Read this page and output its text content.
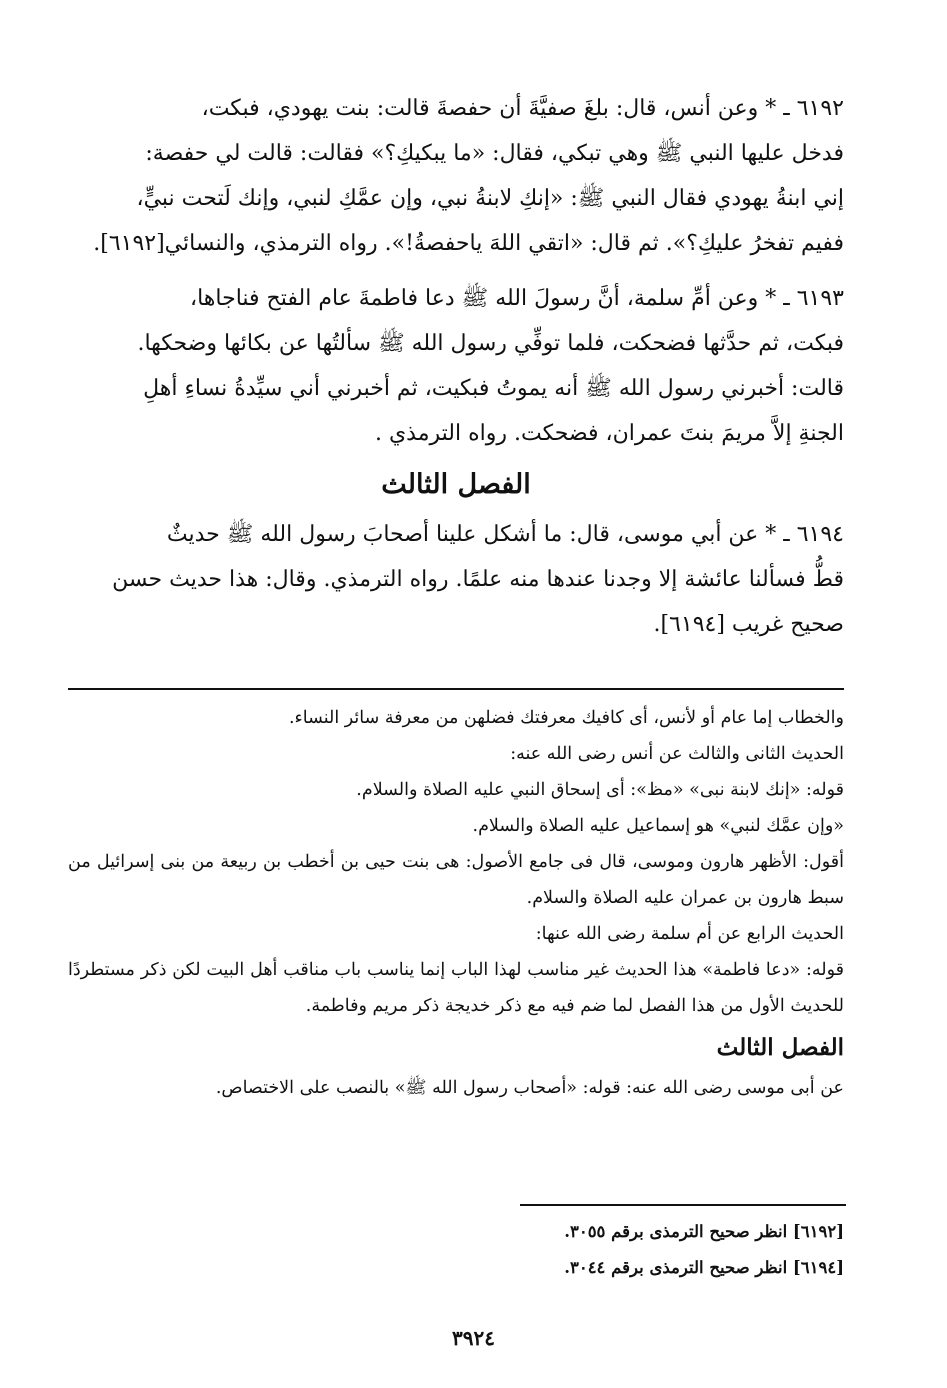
٦١٩٢ ـ * وعن أنس، قال: بلغَ صفيَّةَ أن حفصةَ قالت: بنت يهودي، فبكت،

فدخل عليها النبي ﷺ وهي تبكي، فقال: «ما يبكيكِ؟» فقالت: قالت لي حفصة:

إني ابنةُ يهودي فقال النبي ﷺ: «إنكِ لابنةُ نبي، وإن عمَّكِ لنبي، وإنك لَتحت نبيٍّ،

ففيم تفخرُ عليكِ؟». ثم قال: «اتقي اللهَ ياحفصةُ!». رواه الترمذي، والنسائي[٦١٩٢].

٦١٩٣ ـ * وعن أمِّ سلمة، أنَّ رسولَ الله ﷺ دعا فاطمةَ عام الفتح فناجاها،

فبكت، ثم حدَّثها فضحكت، فلما توفِّي رسول الله ﷺ سألتُها عن بكائها وضحكها.

قالت: أخبرني رسول الله ﷺ أنه يموتُ فبكيت، ثم أخبرني أني سيِّدةُ نساءِ أهلِ

الجنةِ إلاَّ مريمَ بنتَ عمران، فضحكت. رواه الترمذي .

الفصل الثالث

٦١٩٤ ـ * عن أبي موسى، قال: ما أشكل علينا أصحابَ رسول الله ﷺ حديثٌ

قطُّ فسألنا عائشة إلا وجدنا عندها منه علمًا. رواه الترمذي. وقال: هذا حديث حسن

صحيح غريب [٦١٩٤].

والخطاب إما عام أو لأنس، أى كافيك معرفتك فضلهن من معرفة سائر النساء.

الحديث الثانى والثالث عن أنس رضى الله عنه:

قوله: «إنك لابنة نبى» «مظ»: أى إسحاق النبي عليه الصلاة والسلام.

«وإن عمَّك لنبي» هو إسماعيل عليه الصلاة والسلام.

أقول: الأظهر هارون وموسى، قال فى جامع الأصول: هى بنت حيى بن أخطب بن ربيعة من بنى إسرائيل من سبط هارون بن عمران عليه الصلاة والسلام.

الحديث الرابع عن أم سلمة رضى الله عنها:

قوله: «دعا فاطمة» هذا الحديث غير مناسب لهذا الباب إنما يناسب باب مناقب أهل البيت لكن ذكر مستطردًا للحديث الأول من هذا الفصل لما ضم فيه مع ذكر خديجة ذكر مريم وفاطمة.

الفصل الثالث

عن أبى موسى رضى الله عنه: قوله: «أصحاب رسول الله ﷺ» بالنصب على الاختصاص.

[٦١٩٢] انظر صحيح الترمذى برقم ٣٠٥٥.

[٦١٩٤] انظر صحيح الترمذى برقم ٣٠٤٤.

٣٩٢٤
